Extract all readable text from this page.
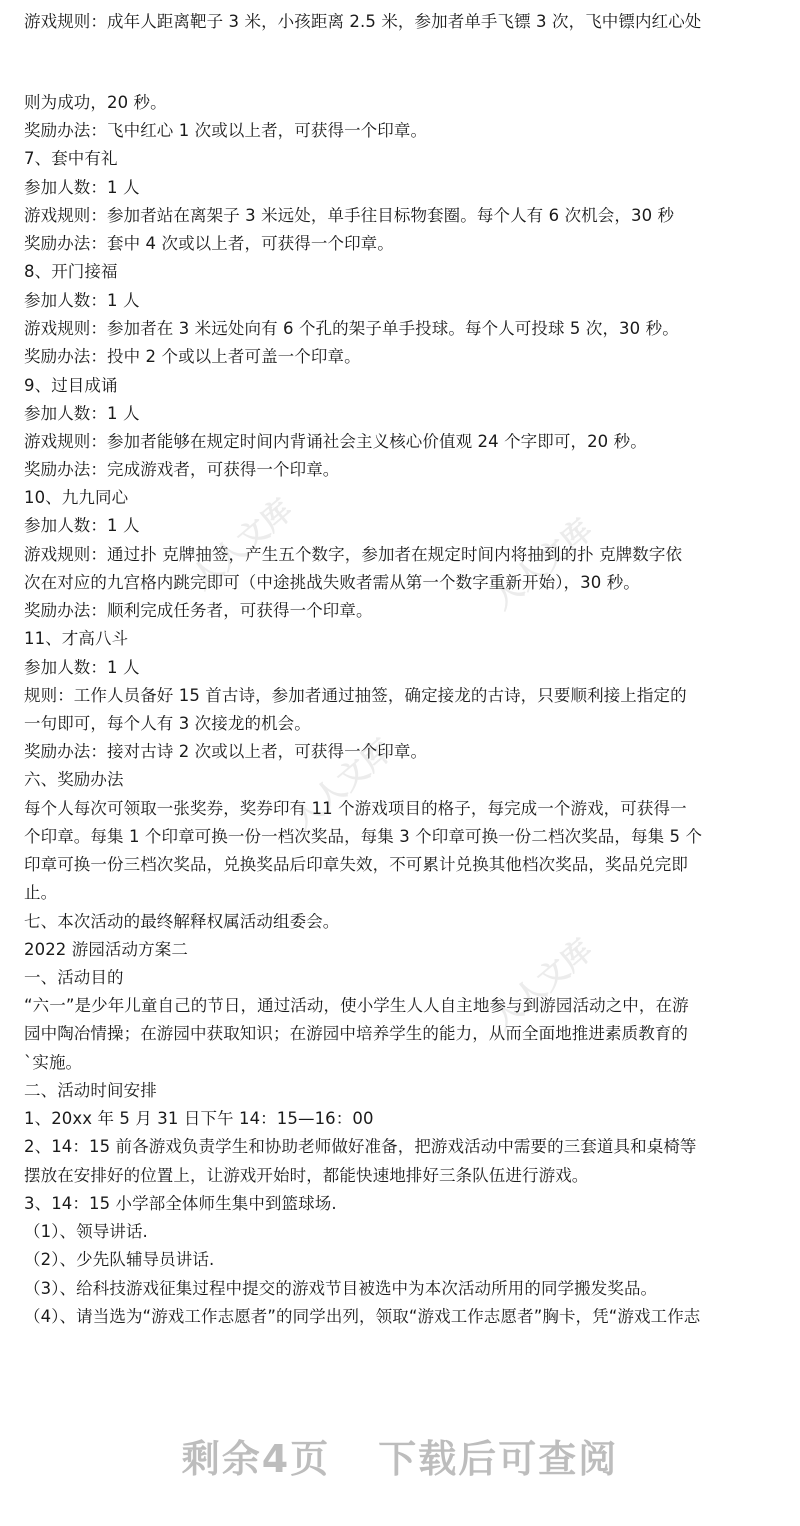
人人文库	人人文库
人人文库
人人文库
游戏规则：成年人距离靶子 3 米，小孩距离 2.5 米，参加者单手飞镖 3 次，飞中镖内红心处
则为成功，20 秒。
奖励办法：飞中红心 1 次或以上者，可获得一个印章。
7、套中有礼
参加人数：1 人
游戏规则：参加者站在离架子 3 米远处，单手往目标物套圈。每个人有 6 次机会，30 秒
奖励办法：套中 4 次或以上者，可获得一个印章。
8、开门接福
参加人数：1 人
游戏规则：参加者在 3 米远处向有 6 个孔的架子单手投球。每个人可投球 5 次，30 秒。
奖励办法：投中 2 个或以上者可盖一个印章。
9、过目成诵
参加人数：1 人
游戏规则：参加者能够在规定时间内背诵社会主义核心价值观 24 个字即可，20 秒。
奖励办法：完成游戏者，可获得一个印章。
10、九九同心
参加人数：1 人
游戏规则：通过扑 克牌抽签，产生五个数字，参加者在规定时间内将抽到的扑 克牌数字依
次在对应的九宫格内跳完即可（中途挑战失败者需从第一个数字重新开始），30 秒。
奖励办法：顺利完成任务者，可获得一个印章。
11、才高八斗
参加人数：1 人
规则：工作人员备好 15 首古诗，参加者通过抽签，确定接龙的古诗，只要顺利接上指定的
一句即可，每个人有 3 次接龙的机会。
奖励办法：接对古诗 2 次或以上者，可获得一个印章。
六、奖励办法
每个人每次可领取一张奖券，奖券印有 11 个游戏项目的格子，每完成一个游戏，可获得一
个印章。每集 1 个印章可换一份一档次奖品，每集 3 个印章可换一份二档次奖品，每集 5 个
印章可换一份三档次奖品，兑换奖品后印章失效，不可累计兑换其他档次奖品，奖品兑完即
止。
七、本次活动的最终解释权属活动组委会。
2022 游园活动方案二
一、活动目的
“六一”是少年儿童自己的节日，通过活动，使小学生人人自主地参与到游园活动之中，在游
园中陶冶情操；在游园中获取知识；在游园中培养学生的能力，从而全面地推进素质教育的
`实施。
二、活动时间安排
1、20xx 年 5 月 31 日下午 14：15—16：00
2、14：15 前各游戏负责学生和协助老师做好准备，把游戏活动中需要的三套道具和桌椅等
摆放在安排好的位置上，让游戏开始时，都能快速地排好三条队伍进行游戏。
3、14：15 小学部全体师生集中到篮球场.
（1）、领导讲话.
（2）、少先队辅导员讲话.
（3）、给科技游戏征集过程中提交的游戏节目被选中为本次活动所用的同学搬发奖品。
（4）、请当选为“游戏工作志愿者”的同学出列，领取“游戏工作志愿者”胸卡，凭“游戏工作志
剩余4页 下载后可查阅
